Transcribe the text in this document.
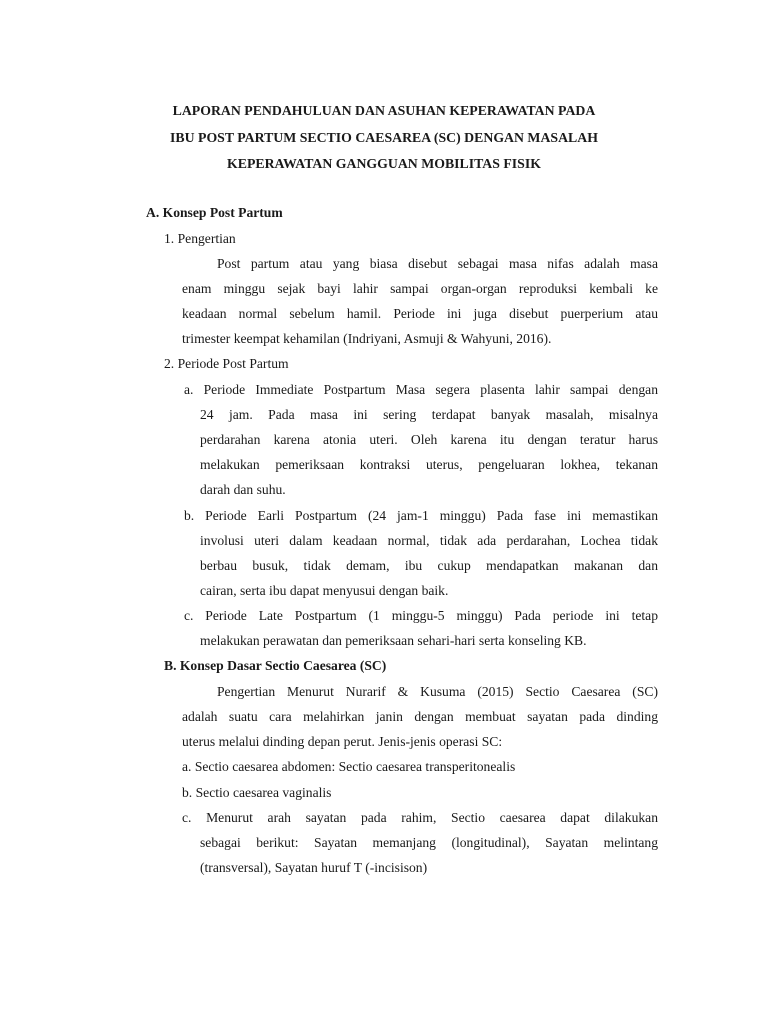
LAPORAN PENDAHULUAN DAN ASUHAN KEPERAWATAN PADA
IBU POST PARTUM SECTIO CAESAREA (SC) DENGAN MASALAH
KEPERAWATAN GANGGUAN MOBILITAS FISIK
A. Konsep Post Partum
1. Pengertian
Post partum atau yang biasa disebut sebagai masa nifas adalah masa
enam minggu sejak bayi lahir sampai organ-organ reproduksi kembali ke
keadaan normal sebelum hamil. Periode ini juga disebut puerperium atau
trimester keempat kehamilan (Indriyani, Asmuji & Wahyuni, 2016).
2. Periode Post Partum
a. Periode Immediate Postpartum Masa segera plasenta lahir sampai dengan
24 jam. Pada masa ini sering terdapat banyak masalah, misalnya
perdarahan karena atonia uteri. Oleh karena itu dengan teratur harus
melakukan pemeriksaan kontraksi uterus, pengeluaran lokhea, tekanan
darah dan suhu.
b. Periode Earli Postpartum (24 jam-1 minggu) Pada fase ini memastikan
involusi uteri dalam keadaan normal, tidak ada perdarahan, Lochea tidak
berbau busuk, tidak demam, ibu cukup mendapatkan makanan dan
cairan, serta ibu dapat menyusui dengan baik.
c. Periode Late Postpartum (1 minggu-5 minggu) Pada periode ini tetap
melakukan perawatan dan pemeriksaan sehari-hari serta konseling KB.
B. Konsep Dasar Sectio Caesarea (SC)
Pengertian Menurut Nurarif & Kusuma (2015) Sectio Caesarea (SC)
adalah suatu cara melahirkan janin dengan membuat sayatan pada dinding
uterus melalui dinding depan perut. Jenis-jenis operasi SC:
a. Sectio caesarea abdomen: Sectio caesarea transperitonealis
b. Sectio caesarea vaginalis
c. Menurut arah sayatan pada rahim, Sectio caesarea dapat dilakukan
sebagai berikut: Sayatan memanjang (longitudinal), Sayatan melintang
(transversal), Sayatan huruf T (-incisison)
